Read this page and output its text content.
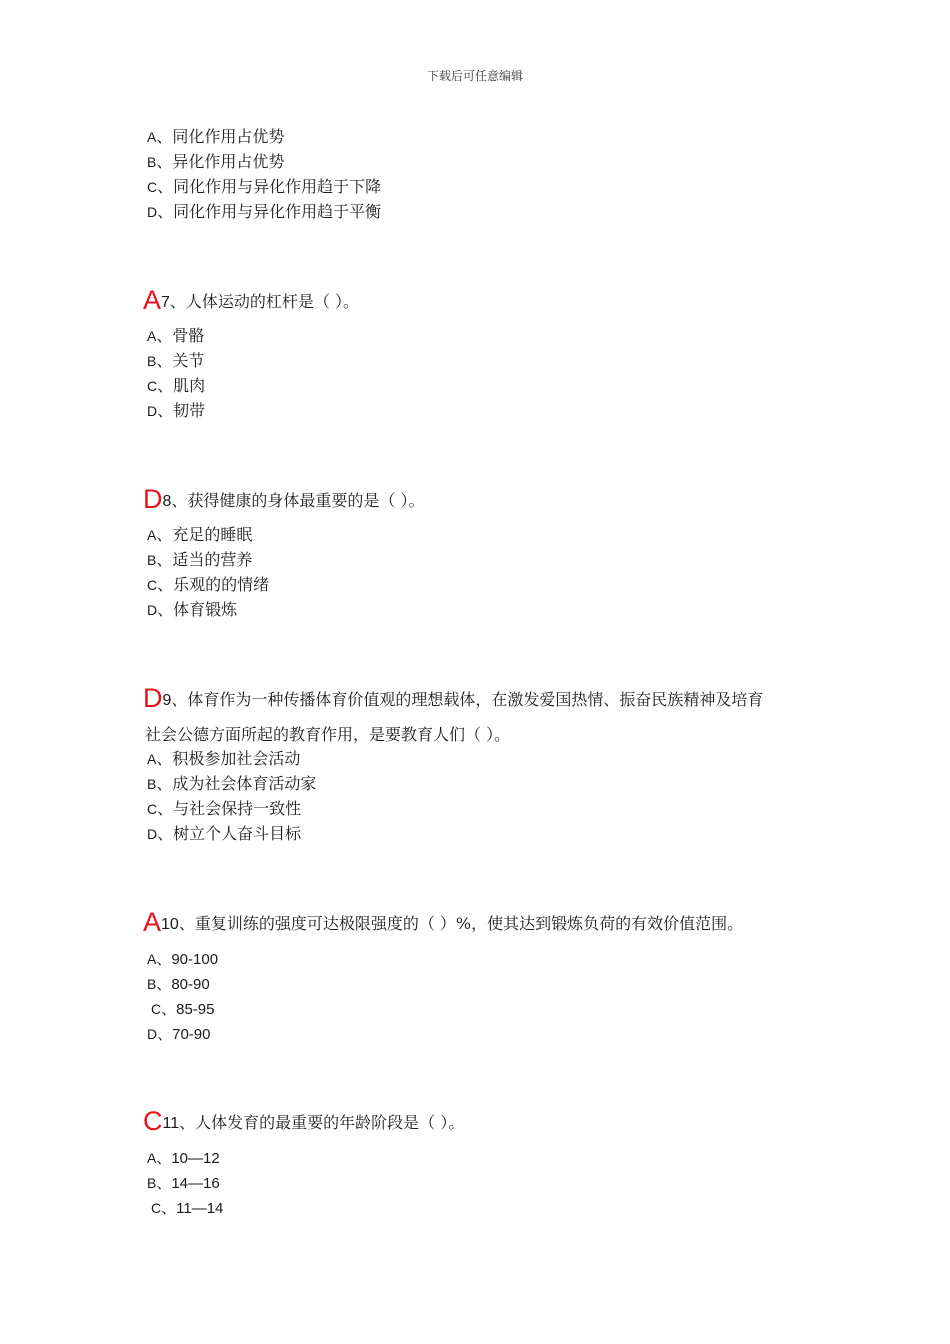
下载后可任意编辑
A、同化作用占优势
B、异化作用占优势
C、同化作用与异化作用趋于下降
D、同化作用与异化作用趋于平衡
A7、人体运动的杠杆是（ ）。
A、骨骼
B、关节
C、肌肉
D、韧带
D8、获得健康的身体最重要的是（ ）。
A、充足的睡眠
B、适当的营养
C、乐观的的情绪
D、体育锻炼
D9、体育作为一种传播体育价值观的理想载体，在激发爱国热情、振奋民族精神及培育
社会公德方面所起的教育作用，是要教育人们（ ）。
A、积极参加社会活动
B、成为社会体育活动家
C、与社会保持一致性
D、树立个人奋斗目标
A10、重复训练的强度可达极限强度的（ ）%，使其达到锻炼负荷的有效价值范围。
A、90-100
B、80-90
C、85-95
D、70-90
C11、人体发育的最重要的年龄阶段是（ ）。
A、10—12
B、14—16
C、11—14
